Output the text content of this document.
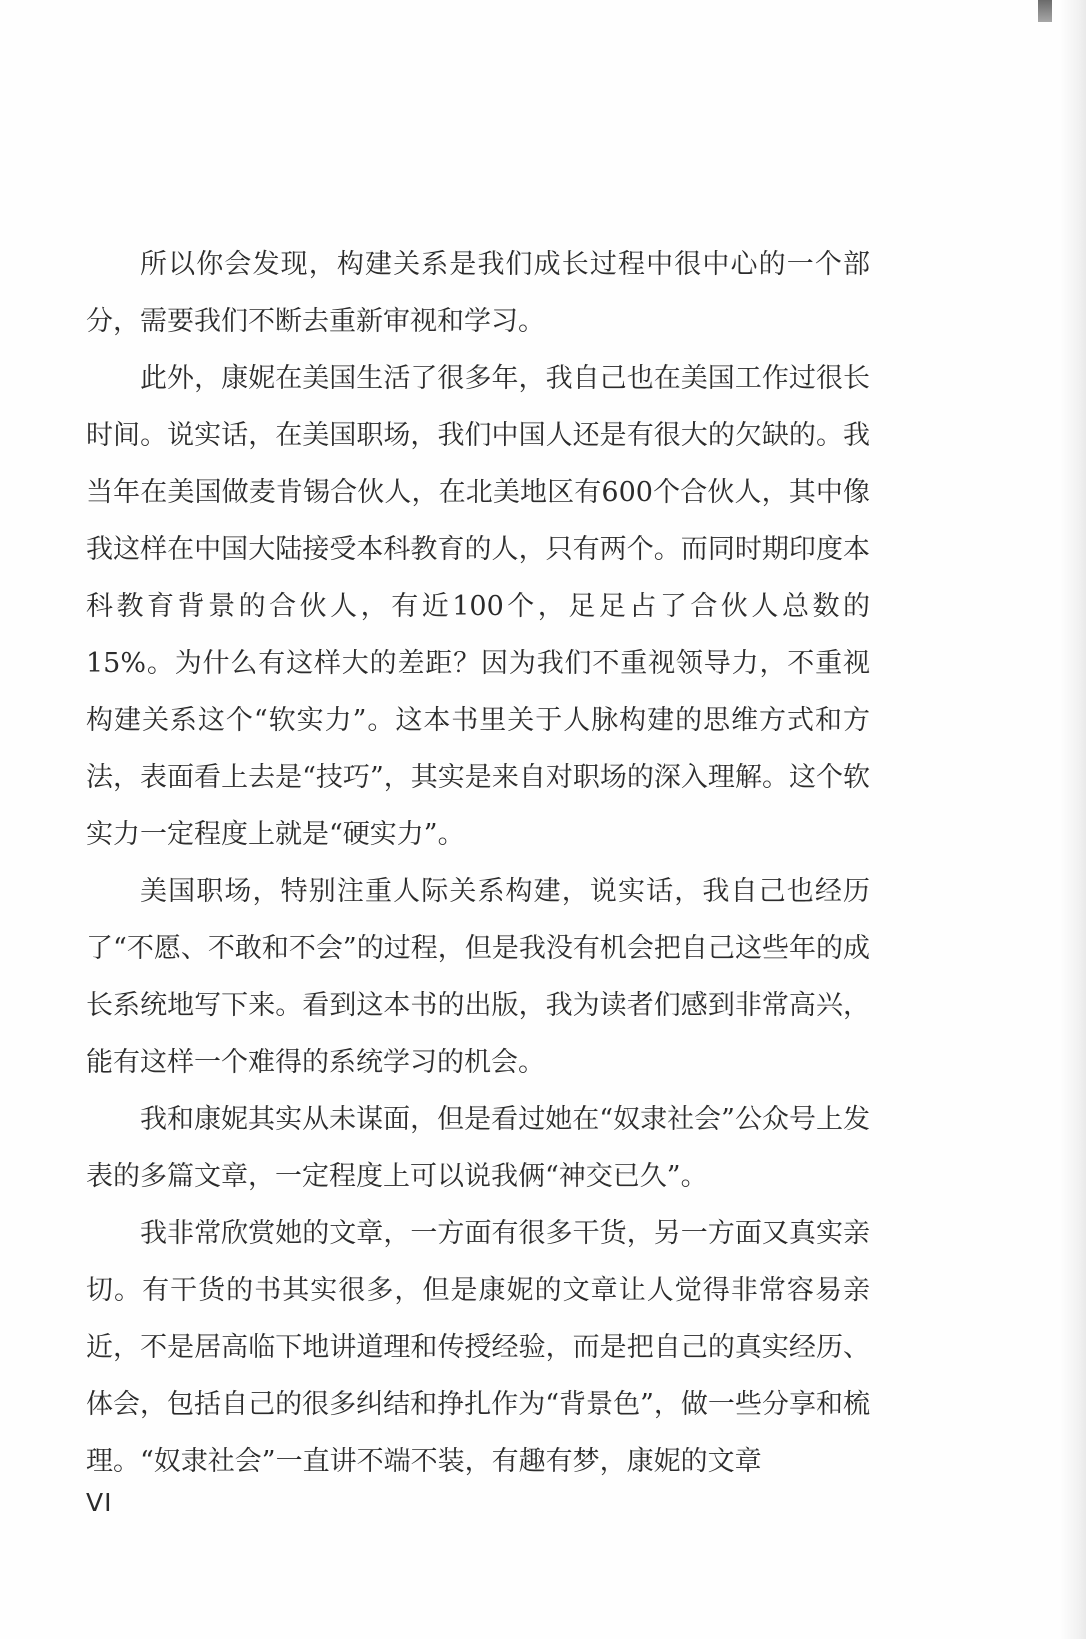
所以你会发现，构建关系是我们成长过程中很中心的一个部分，需要我们不断去重新审视和学习。

此外，康妮在美国生活了很多年，我自己也在美国工作过很长时间。说实话，在美国职场，我们中国人还是有很大的欠缺的。我当年在美国做麦肯锡合伙人，在北美地区有600个合伙人，其中像我这样在中国大陆接受本科教育的人，只有两个。而同时期印度本科教育背景的合伙人，有近100个，足足占了合伙人总数的15%。为什么有这样大的差距？因为我们不重视领导力，不重视构建关系这个“软实力”。这本书里关于人脉构建的思维方式和方法，表面看上去是“技巧”，其实是来自对职场的深入理解。这个软实力一定程度上就是“硬实力”。

美国职场，特别注重人际关系构建，说实话，我自己也经历了“不愿、不敢和不会”的过程，但是我没有机会把自己这些年的成长系统地写下来。看到这本书的出版，我为读者们感到非常高兴，能有这样一个难得的系统学习的机会。

我和康妮其实从未谋面，但是看过她在“奴隶社会”公众号上发表的多篇文章，一定程度上可以说我俩“神交已久”。

我非常欣赏她的文章，一方面有很多干货，另一方面又真实亲切。有干货的书其实很多，但是康妮的文章让人觉得非常容易亲近，不是居高临下地讲道理和传授经验，而是把自己的真实经历、体会，包括自己的很多纠结和挣扎作为“背景色”，做一些分享和梳理。“奴隶社会”一直讲不端不装，有趣有梦，康妮的文章

VI
